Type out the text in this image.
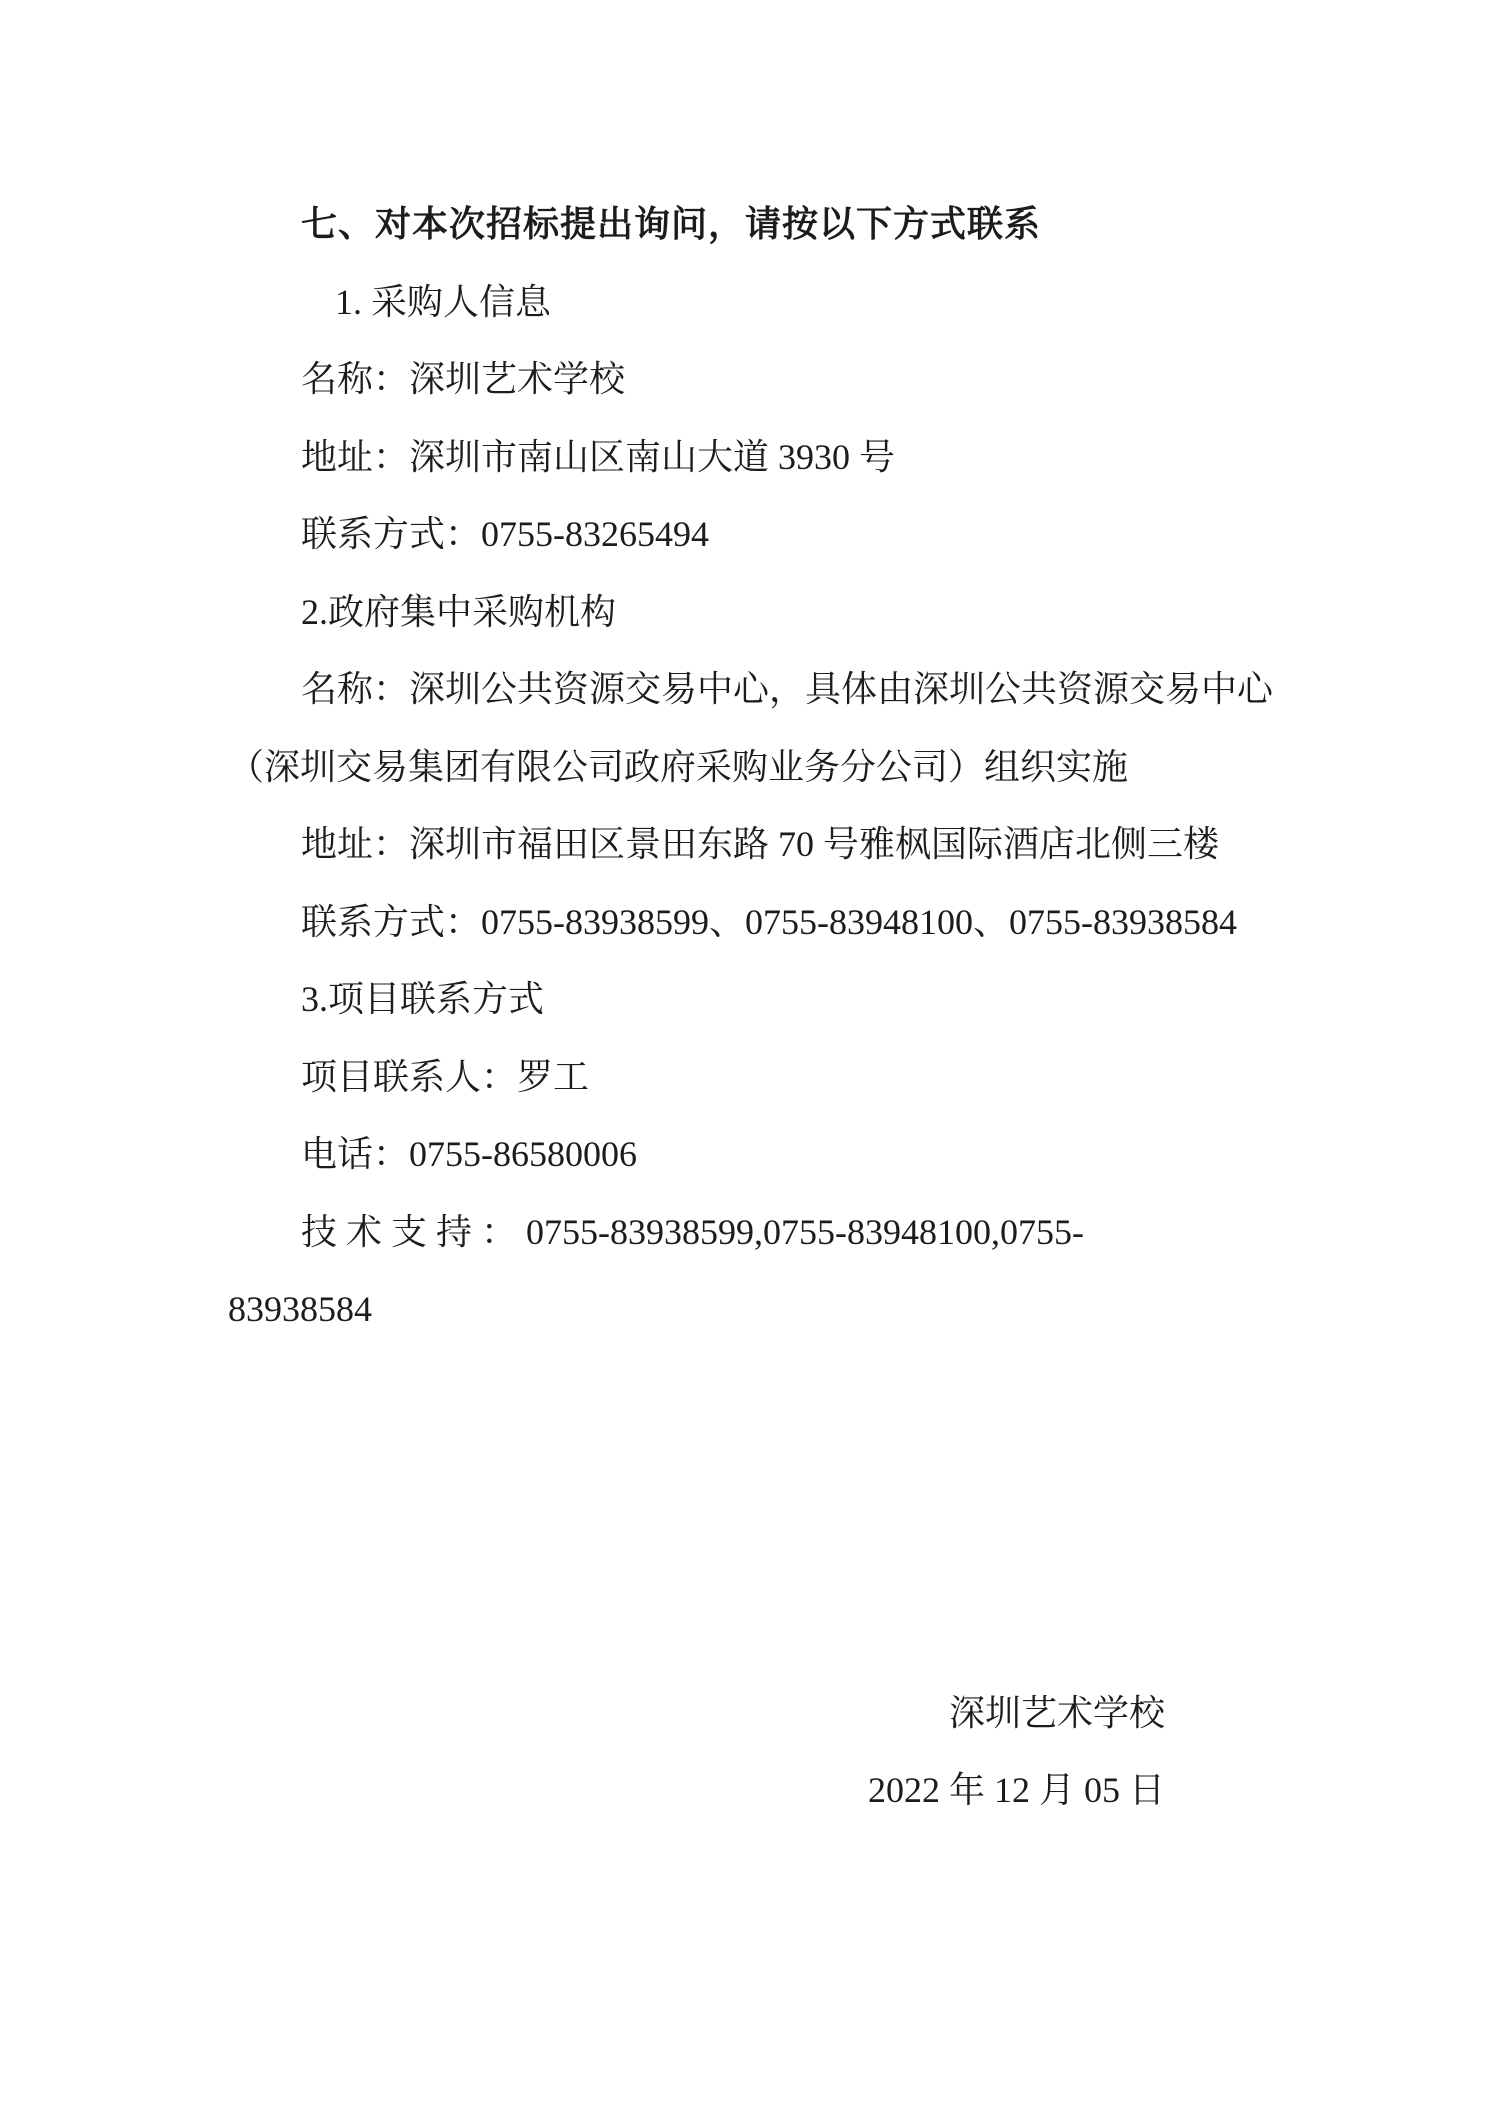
七、对本次招标提出询问，请按以下方式联系
1. 采购人信息
名称：深圳艺术学校
地址：深圳市南山区南山大道 3930 号
联系方式：0755-83265494
2.政府集中采购机构
名称：深圳公共资源交易中心，具体由深圳公共资源交易中心
（深圳交易集团有限公司政府采购业务分公司）组织实施
地址：深圳市福田区景田东路 70 号雅枫国际酒店北侧三楼
联系方式：0755-83938599、0755-83948100、0755-83938584
3.项目联系方式
项目联系人：罗工
电话：0755-86580006
技 术 支 持 ： 0755-83938599,0755-83948100,0755-
83938584
深圳艺术学校
2022 年 12 月 05 日
